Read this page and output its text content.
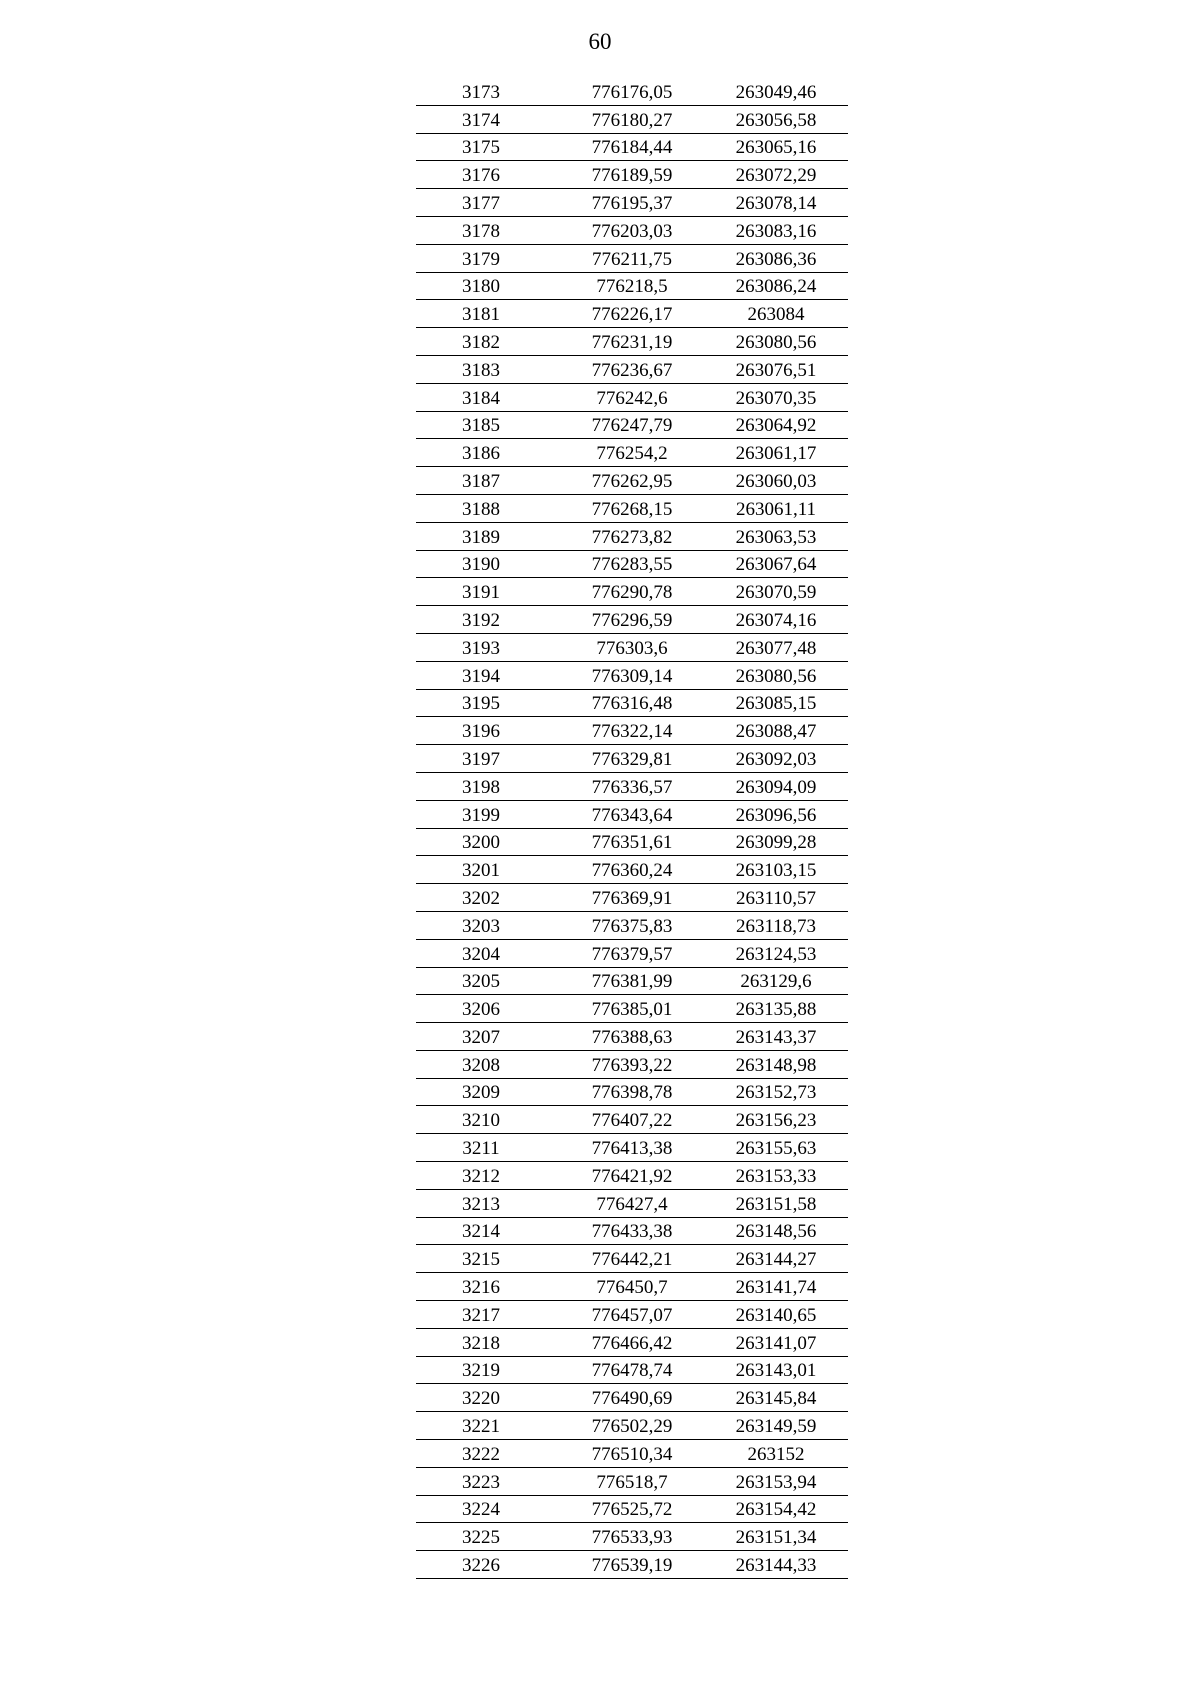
60
3173	776176,05	263049,46
3174	776180,27	263056,58
3175	776184,44	263065,16
3176	776189,59	263072,29
3177	776195,37	263078,14
3178	776203,03	263083,16
3179	776211,75	263086,36
3180	776218,5	263086,24
3181	776226,17	263084
3182	776231,19	263080,56
3183	776236,67	263076,51
3184	776242,6	263070,35
3185	776247,79	263064,92
3186	776254,2	263061,17
3187	776262,95	263060,03
3188	776268,15	263061,11
3189	776273,82	263063,53
3190	776283,55	263067,64
3191	776290,78	263070,59
3192	776296,59	263074,16
3193	776303,6	263077,48
3194	776309,14	263080,56
3195	776316,48	263085,15
3196	776322,14	263088,47
3197	776329,81	263092,03
3198	776336,57	263094,09
3199	776343,64	263096,56
3200	776351,61	263099,28
3201	776360,24	263103,15
3202	776369,91	263110,57
3203	776375,83	263118,73
3204	776379,57	263124,53
3205	776381,99	263129,6
3206	776385,01	263135,88
3207	776388,63	263143,37
3208	776393,22	263148,98
3209	776398,78	263152,73
3210	776407,22	263156,23
3211	776413,38	263155,63
3212	776421,92	263153,33
3213	776427,4	263151,58
3214	776433,38	263148,56
3215	776442,21	263144,27
3216	776450,7	263141,74
3217	776457,07	263140,65
3218	776466,42	263141,07
3219	776478,74	263143,01
3220	776490,69	263145,84
3221	776502,29	263149,59
3222	776510,34	263152
3223	776518,7	263153,94
3224	776525,72	263154,42
3225	776533,93	263151,34
3226	776539,19	263144,33
